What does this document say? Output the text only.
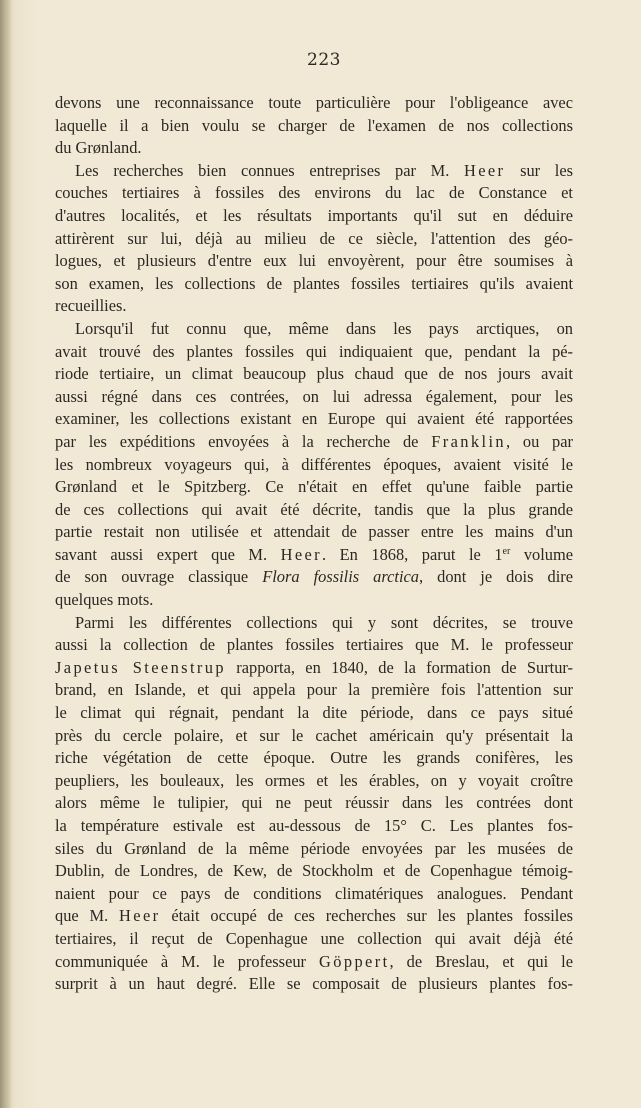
223
devons une reconnaissance toute particulière pour l'obligeance avec
laquelle il a bien voulu se charger de l'examen de nos collections
du Grønland.
Les recherches bien connues entreprises par M. Heer sur les
couches tertiaires à fossiles des environs du lac de Constance et
d'autres localités, et les résultats importants qu'il sut en déduire
attirèrent sur lui, déjà au milieu de ce siècle, l'attention des géo-
logues, et plusieurs d'entre eux lui envoyèrent, pour être soumises à
son examen, les collections de plantes fossiles tertiaires qu'ils avaient
recueillies.
Lorsqu'il fut connu que, même dans les pays arctiques, on
avait trouvé des plantes fossiles qui indiquaient que, pendant la pé-
riode tertiaire, un climat beaucoup plus chaud que de nos jours avait
aussi régné dans ces contrées, on lui adressa également, pour les
examiner, les collections existant en Europe qui avaient été rapportées
par les expéditions envoyées à la recherche de Franklin, ou par
les nombreux voyageurs qui, à différentes époques, avaient visité le
Grønland et le Spitzberg. Ce n'était en effet qu'une faible partie
de ces collections qui avait été décrite, tandis que la plus grande
partie restait non utilisée et attendait de passer entre les mains d'un
savant aussi expert que M. Heer. En 1868, parut le 1er volume
de son ouvrage classique Flora fossilis arctica, dont je dois dire
quelques mots.
Parmi les différentes collections qui y sont décrites, se trouve
aussi la collection de plantes fossiles tertiaires que M. le professeur
Japetus Steenstrup rapporta, en 1840, de la formation de Surtur-
brand, en Islande, et qui appela pour la première fois l'attention sur
le climat qui régnait, pendant la dite période, dans ce pays situé
près du cercle polaire, et sur le cachet américain qu'y présentait la
riche végétation de cette époque. Outre les grands conifères, les
peupliers, les bouleaux, les ormes et les érables, on y voyait croître
alors même le tulipier, qui ne peut réussir dans les contrées dont
la température estivale est au-dessous de 15° C. Les plantes fos-
siles du Grønland de la même période envoyées par les musées de
Dublin, de Londres, de Kew, de Stockholm et de Copenhague témoig-
naient pour ce pays de conditions climatériques analogues. Pendant
que M. Heer était occupé de ces recherches sur les plantes fossiles
tertiaires, il reçut de Copenhague une collection qui avait déjà été
communiquée à M. le professeur Göppert, de Breslau, et qui le
surprit à un haut degré. Elle se composait de plusieurs plantes fos-
